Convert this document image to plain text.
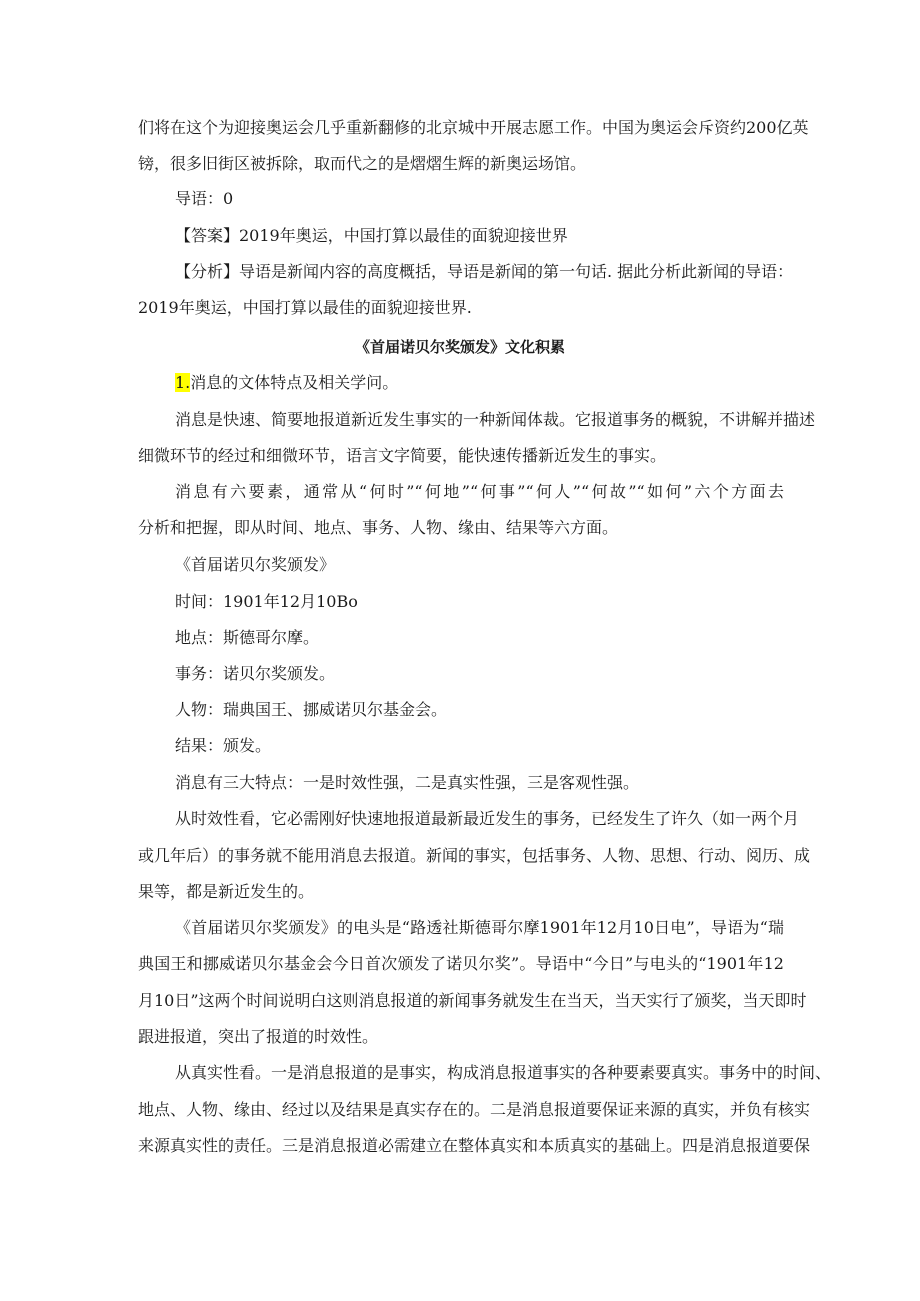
们将在这个为迎接奥运会几乎重新翻修的北京城中开展志愿工作。中国为奥运会斥资约200亿英
镑，很多旧街区被拆除，取而代之的是熠熠生辉的新奥运场馆。
导语：0
【答案】2019年奥运，中国打算以最佳的面貌迎接世界
【分析】导语是新闻内容的高度概括，导语是新闻的第一句话. 据此分析此新闻的导语：
2019年奥运，中国打算以最佳的面貌迎接世界.
《首届诺贝尔奖颁发》文化积累
1.消息的文体特点及相关学问。
消息是快速、简要地报道新近发生事实的一种新闻体裁。它报道事务的概貌，不讲解并描述
细微环节的经过和细微环节，语言文字简要，能快速传播新近发生的事实。
消息有六要素，通常从“何时”“何地”“何事”“何人”“何故”“如何”六个方面去
分析和把握，即从时间、地点、事务、人物、缘由、结果等六方面。
《首届诺贝尔奖颁发》
时间：1901年12月10Bo
地点：斯德哥尔摩。
事务：诺贝尔奖颁发。
人物：瑞典国王、挪威诺贝尔基金会。
结果：颁发。
消息有三大特点：一是时效性强，二是真实性强，三是客观性强。
从时效性看，它必需刚好快速地报道最新最近发生的事务，已经发生了许久（如一两个月
或几年后）的事务就不能用消息去报道。新闻的事实，包括事务、人物、思想、行动、阅历、成
果等，都是新近发生的。
《首届诺贝尔奖颁发》的电头是“路透社斯德哥尔摩1901年12月10日电”，导语为“瑞
典国王和挪威诺贝尔基金会今日首次颁发了诺贝尔奖”。导语中“今日”与电头的“1901年12
月10日”这两个时间说明白这则消息报道的新闻事务就发生在当天，当天实行了颁奖，当天即时
跟进报道，突出了报道的时效性。
从真实性看。一是消息报道的是事实，构成消息报道事实的各种要素要真实。事务中的时间、
地点、人物、缘由、经过以及结果是真实存在的。二是消息报道要保证来源的真实，并负有核实
来源真实性的责任。三是消息报道必需建立在整体真实和本质真实的基础上。四是消息报道要保
